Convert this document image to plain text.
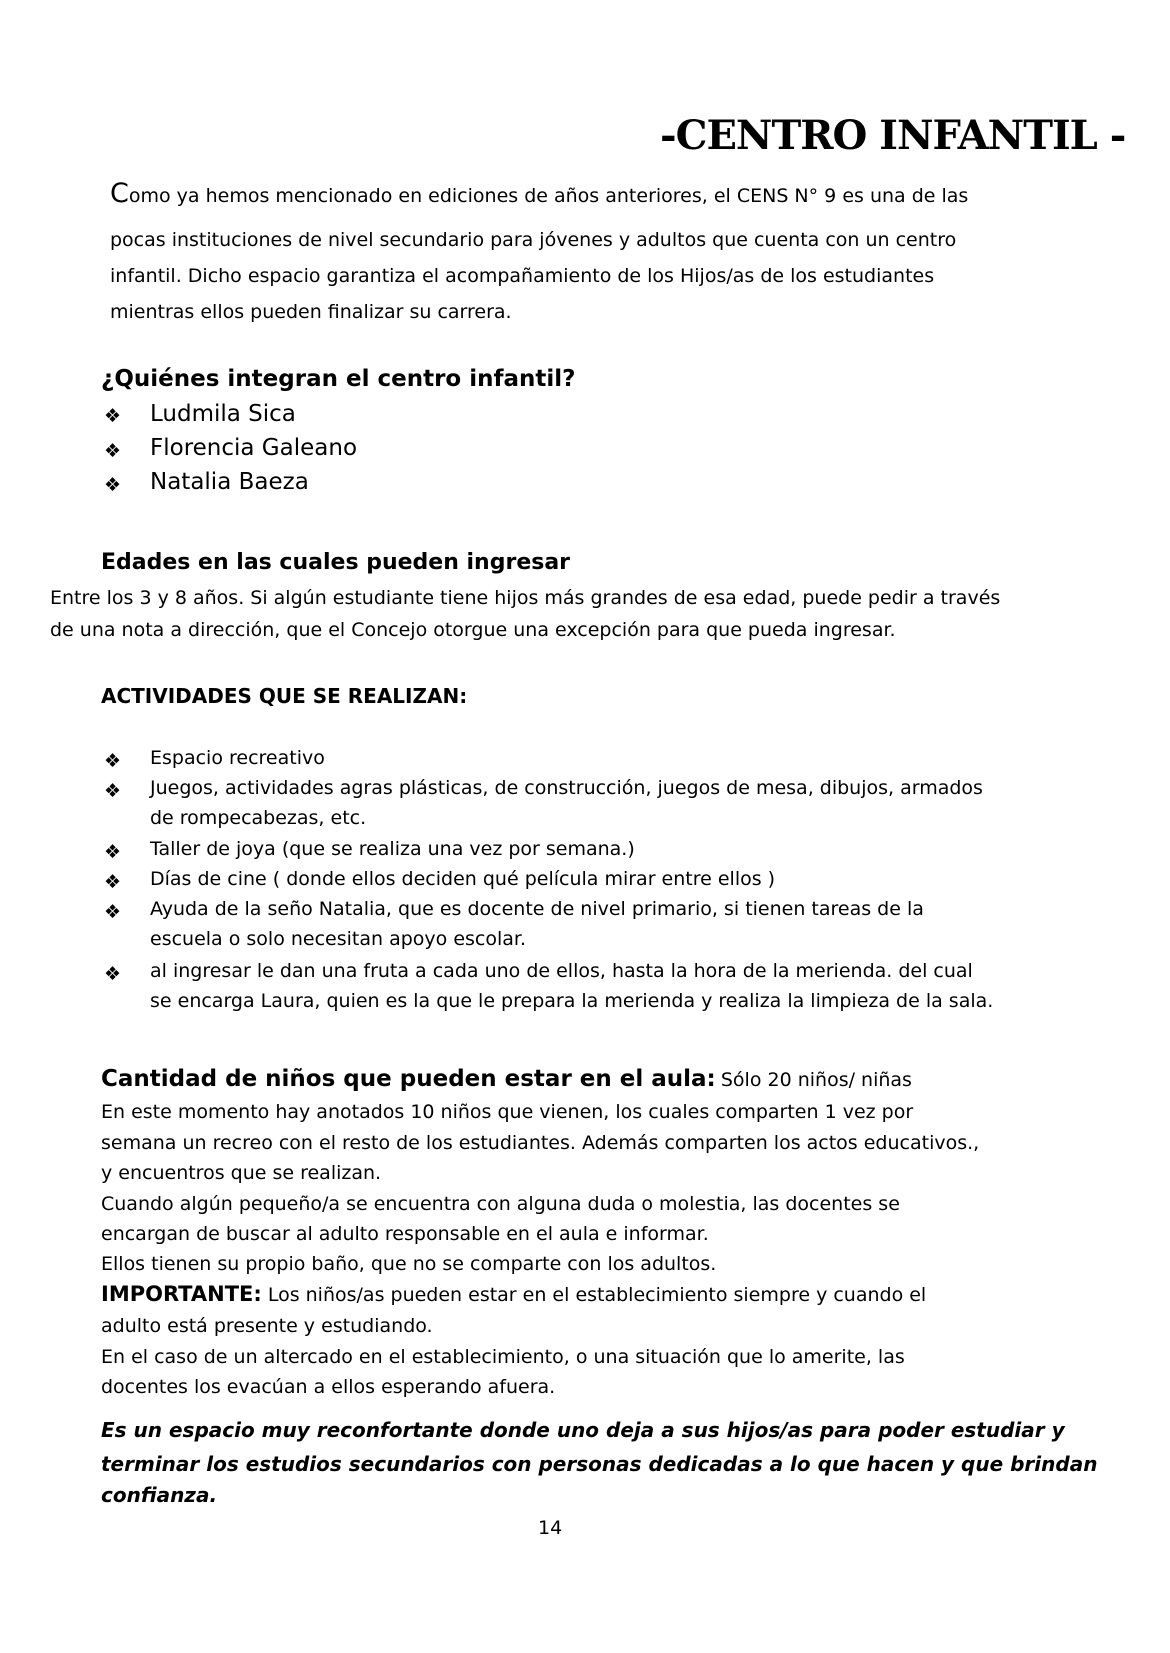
-CENTRO INFANTIL -
Como ya hemos mencionado en ediciones de años anteriores, el CENS N° 9 es una de las
pocas instituciones de nivel secundario para jóvenes y adultos que cuenta con un centro
infantil. Dicho espacio garantiza el acompañamiento de los Hijos/as de los estudiantes
mientras ellos pueden finalizar su carrera.
¿Quiénes integran el centro infantil?
❖ Ludmila Sica
❖ Florencia Galeano
❖ Natalia Baeza
Edades en las cuales pueden ingresar
Entre los 3 y 8 años. Si algún estudiante tiene hijos más grandes de esa edad, puede pedir a través
de una nota a dirección, que el Concejo otorgue una excepción para que pueda ingresar.
ACTIVIDADES QUE SE REALIZAN:
❖ Espacio recreativo
❖ Juegos, actividades agras plásticas, de construcción, juegos de mesa, dibujos, armados
de rompecabezas, etc.
❖ Taller de joya (que se realiza una vez por semana.)
❖ Días de cine ( donde ellos deciden qué película mirar entre ellos )
❖ Ayuda de la seño Natalia, que es docente de nivel primario, si tienen tareas de la
escuela o solo necesitan apoyo escolar.
❖ al ingresar le dan una fruta a cada uno de ellos, hasta la hora de la merienda. del cual
se encarga Laura, quien es la que le prepara la merienda y realiza la limpieza de la sala.
Cantidad de niños que pueden estar en el aula: Sólo 20 niños/ niñas
En este momento hay anotados 10 niños que vienen, los cuales comparten 1 vez por
semana un recreo con el resto de los estudiantes. Además comparten los actos educativos.,
y encuentros que se realizan.
Cuando algún pequeño/a se encuentra con alguna duda o molestia, las docentes se
encargan de buscar al adulto responsable en el aula e informar.
Ellos tienen su propio baño, que no se comparte con los adultos.
IMPORTANTE: Los niños/as pueden estar en el establecimiento siempre y cuando el
adulto está presente y estudiando.
En el caso de un altercado en el establecimiento, o una situación que lo amerite, las
docentes los evacúan a ellos esperando afuera.
Es un espacio muy reconfortante donde uno deja a sus hijos/as para poder estudiar y
terminar los estudios secundarios con personas dedicadas a lo que hacen y que brindan
confianza.
14
